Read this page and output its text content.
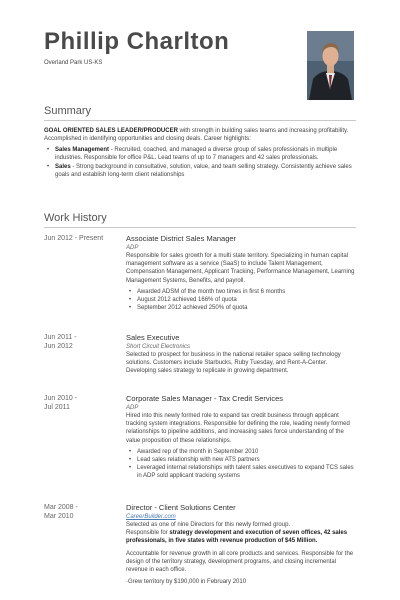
Phillip Charlton
Overland Park US-KS
Summary
GOAL ORIENTED SALES LEADER/PRODUCER with strength in building sales teams and increasing profitability. Accomplished in identifying opportunities and closing deals. Career highlights:
• Sales Management - Recruited, coached, and managed a diverse group of sales professionals in multiple industries. Responsible for office P&L. Lead teams of up to 7 managers and 42 sales professionals.
• Sales - Strong background in consultative, solution, value, and team selling strategy. Consistently achieve sales goals and establish long-term client relationships
Work History
Jun 2012 - Present	Associate District Sales Manager
ADP
Responsible for sales growth for a multi state territory. Specializing in human capital management software as a service (SaaS) to include Talent Management, Compensation Management, Applicant Tracking, Performance Management, Learning Management Systems, Benefits, and payroll.
• Awarded ADSM of the month two times in first 6 months
• August 2012 achieved 166% of quota
• September 2012 achieved 250% of quota
Jun 2011 -
Jun 2012
Sales Executive
Short Circuit Electronics
Selected to prospect for business in the national retailer space selling technology solutions. Customers include Starbucks, Ruby Tuesday, and Rent-A-Center. Developing sales strategy to replicate in growing department.
Jun 2010 -
Jul 2011
Corporate Sales Manager - Tax Credit Services
ADP
Hired into this newly formed role to expand tax credit business through applicant tracking system integrations. Responsible for defining the role, leading newly formed relationships to pipeline additions, and increasing sales force understanding of the value proposition of these relationships.
• Awarded rep of the month in September 2010
• Lead sales relationship with new ATS partners
• Leveraged internal relationships with talent sales executives to expand TCS sales in ADP sold applicant tracking systems
Mar 2008 -
Mar 2010
Director - Client Solutions Center
CareerBuilder.com
Selected as one of nine Directors for this newly formed group.
Responsible for strategy development and execution of seven offices, 42 sales professionals, in five states with revenue production of $45 Million.
Accountable for revenue growth in all core products and services. Responsible for the design of the territory strategy, development programs, and closing incremental revenue in each office.
·Grew territory by $190,000 in February 2010
